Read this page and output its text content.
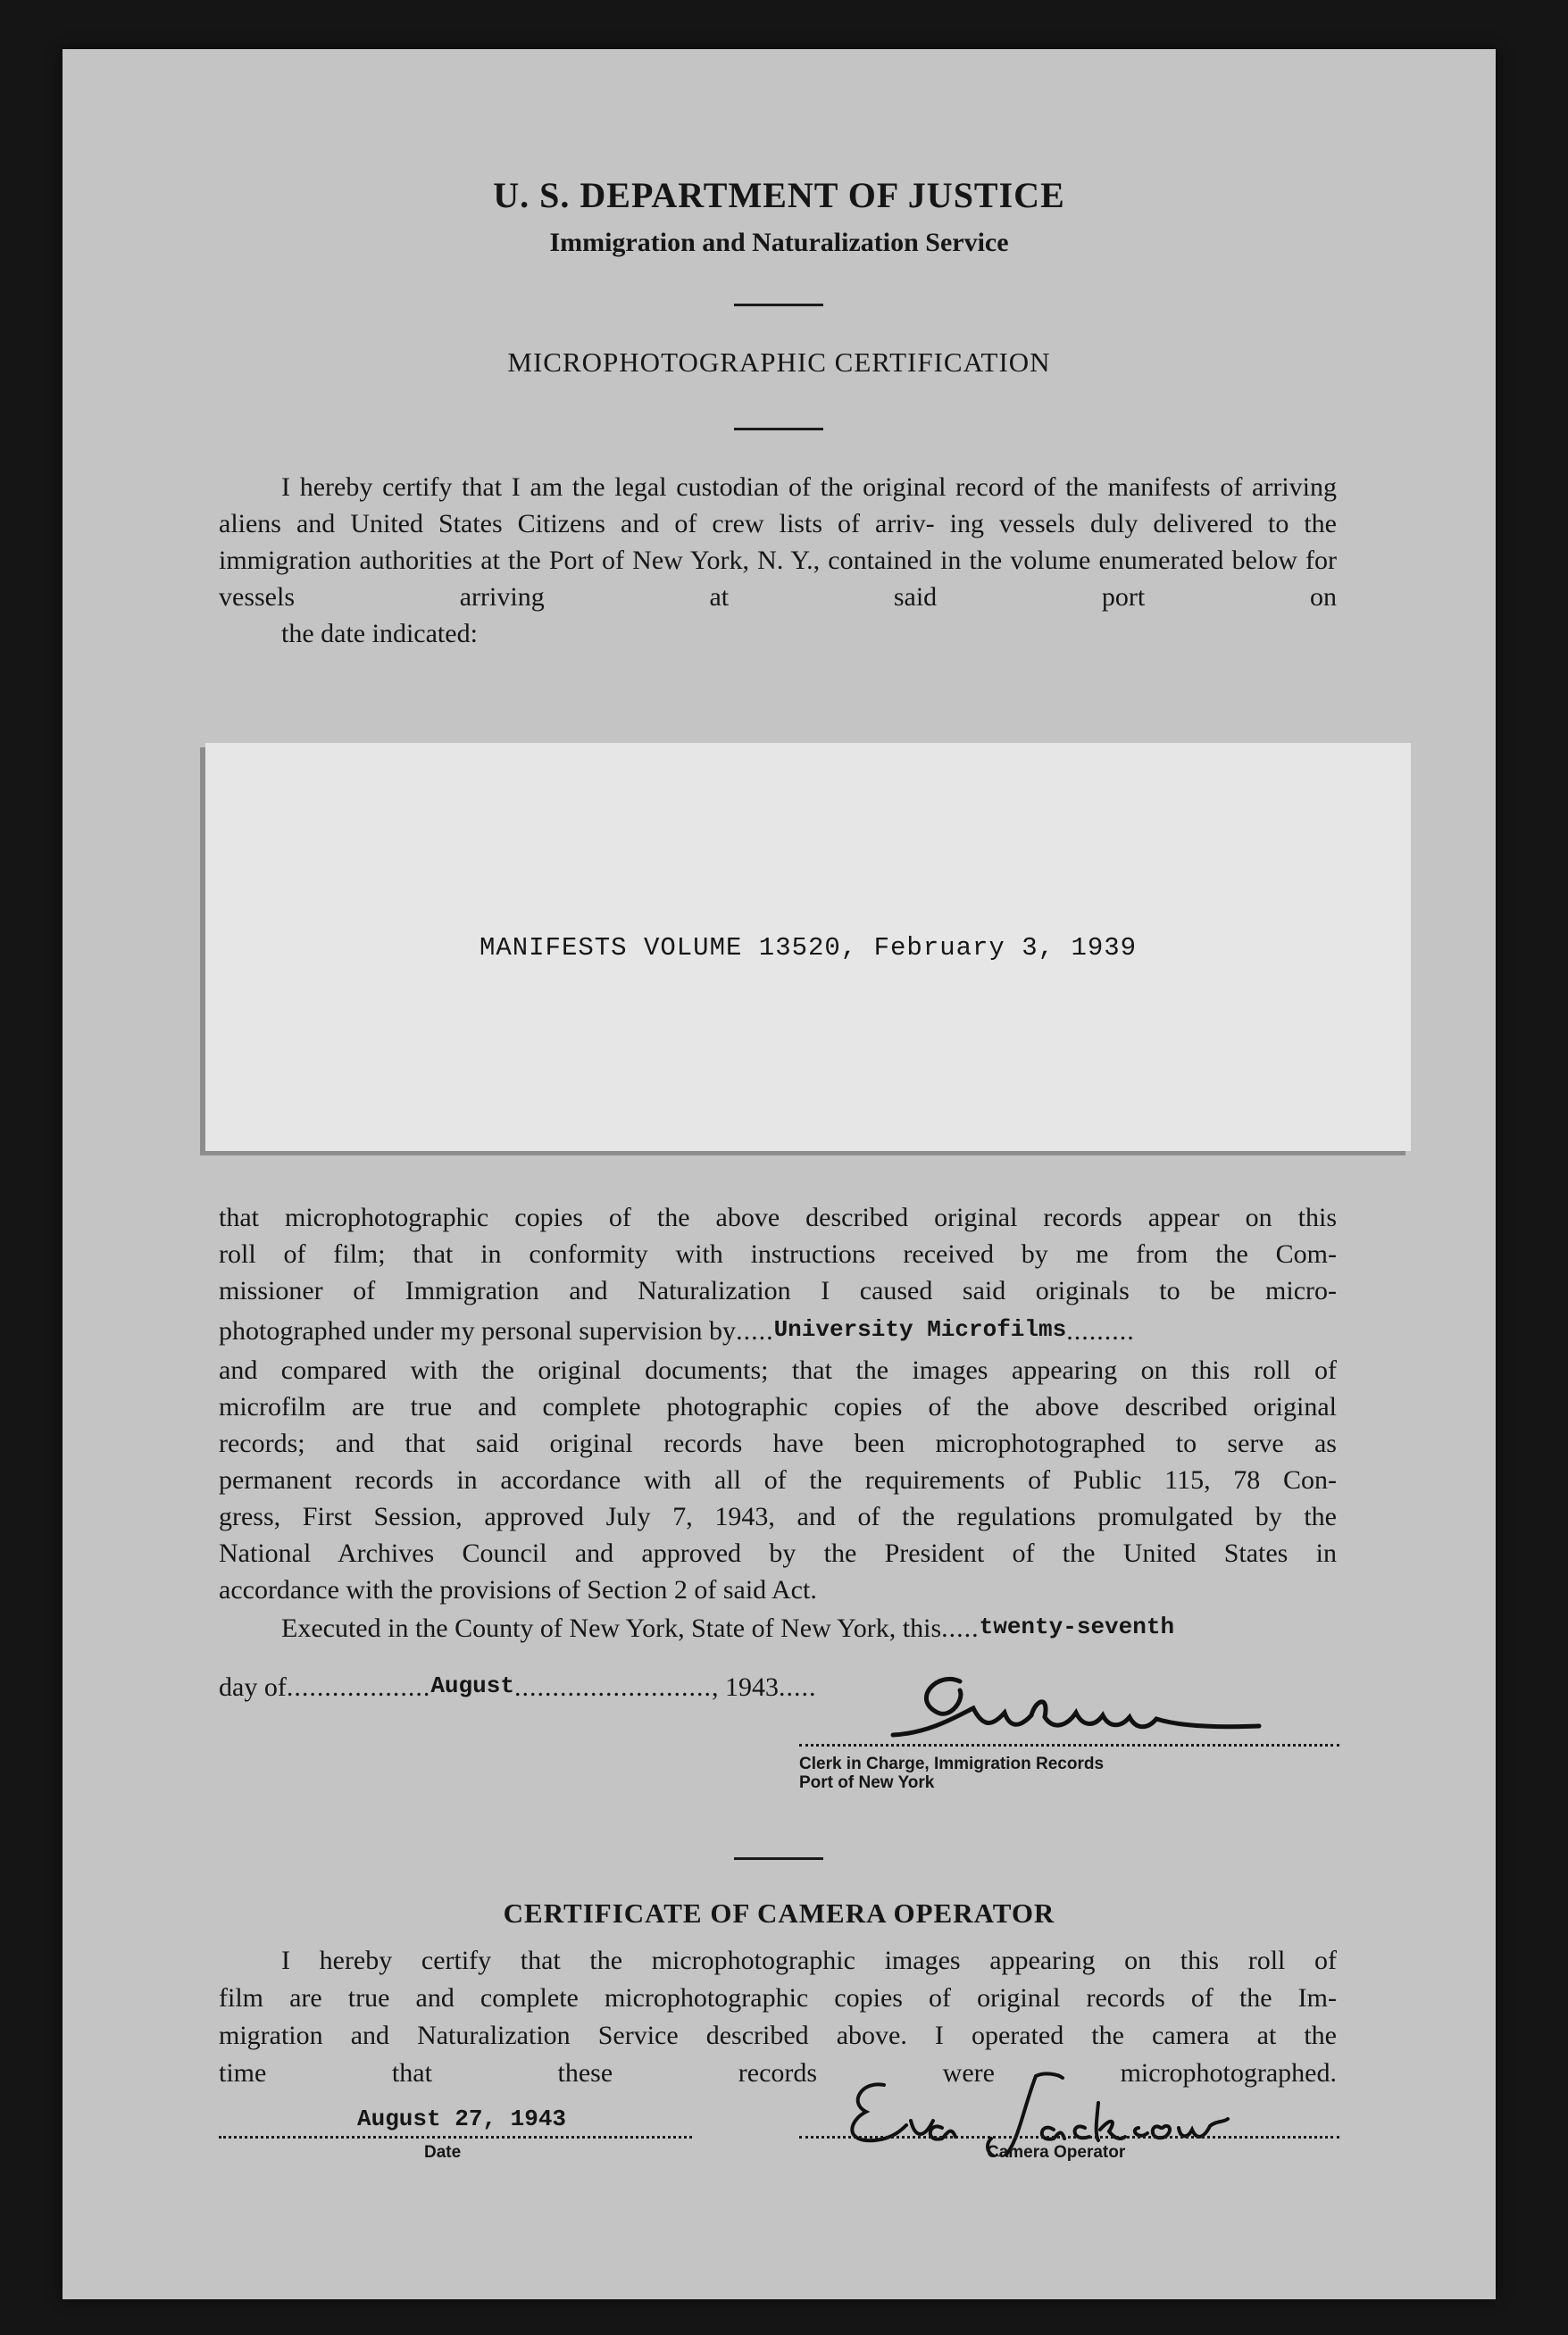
U. S. DEPARTMENT OF JUSTICE
Immigration and Naturalization Service
MICROPHOTOGRAPHIC CERTIFICATION
I hereby certify that I am the legal custodian of the original record of the manifests of arriving aliens and United States Citizens and of crew lists of arriv- ing vessels duly delivered to the immigration authorities at the Port of New York, N. Y., contained in the volume enumerated below for vessels arriving at said port on
the date indicated:
MANIFESTS VOLUME 13520, February 3, 1939
that microphotographic copies of the above described original records appear on this
roll of film; that in conformity with instructions received by me from the Com-
missioner of Immigration and Naturalization I caused said originals to be micro-
photographed under my personal supervision by.....University Microfilms.........
and compared with the original documents; that the images appearing on this roll of
microfilm are true and complete photographic copies of the above described original
records; and that said original records have been microphotographed to serve as
permanent records in accordance with all of the requirements of Public 115, 78 Con-
gress, First Session, approved July 7, 1943, and of the regulations promulgated by the
National Archives Council and approved by the President of the United States in
accordance with the provisions of Section 2 of said Act.
Executed in the County of New York, State of New York, this.....twenty-seventh
day of...................August.........................., 1943.....
Clerk in Charge, Immigration Records
Port of New York
CERTIFICATE OF CAMERA OPERATOR
I hereby certify that the microphotographic images appearing on this roll of
film are true and complete microphotographic copies of original records of the Im-
migration and Naturalization Service described above. I operated the camera at the
time that these records were microphotographed.
August 27, 1943
Date	Camera Operator
